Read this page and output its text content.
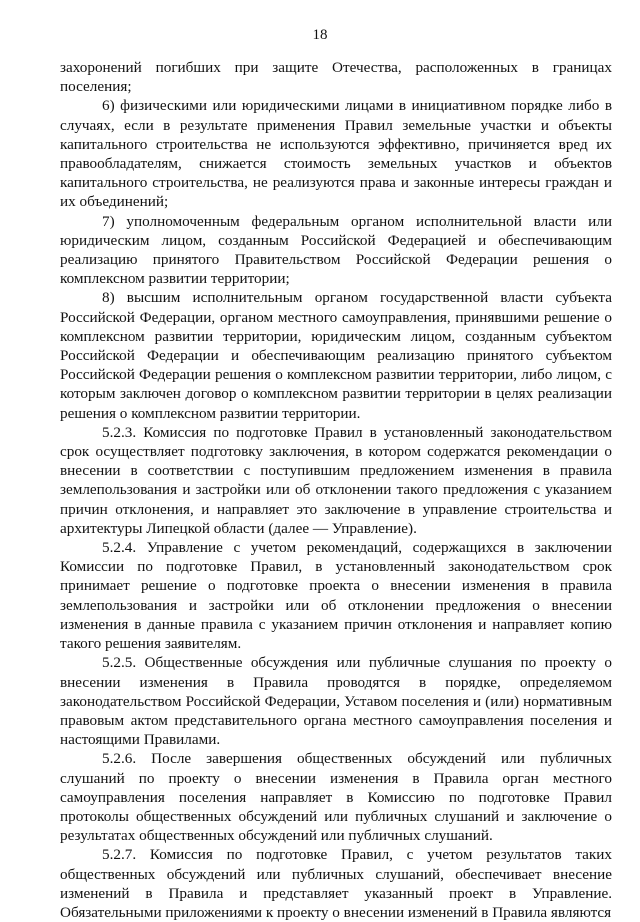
18

захоронений погибших при защите Отечества, расположенных в границах поселения;

6) физическими или юридическими лицами в инициативном порядке либо в случаях, если в результате применения Правил земельные участки и объекты капитального строительства не используются эффективно, причиняется вред их правообладателям, снижается стоимость земельных участков и объектов капитального строительства, не реализуются права и законные интересы граждан и их объединений;

7) уполномоченным федеральным органом исполнительной власти или юридическим лицом, созданным Российской Федерацией и обеспечивающим реализацию принятого Правительством Российской Федерации решения о комплексном развитии территории;

8) высшим исполнительным органом государственной власти субъекта Российской Федерации, органом местного самоуправления, принявшими решение о комплексном развитии территории, юридическим лицом, созданным субъектом Российской Федерации и обеспечивающим реализацию принятого субъектом Российской Федерации решения о комплексном развитии территории, либо лицом, с которым заключен договор о комплексном развитии территории в целях реализации решения о комплексном развитии территории.

5.2.3. Комиссия по подготовке Правил в установленный законодательством срок осуществляет подготовку заключения, в котором содержатся рекомендации о внесении в соответствии с поступившим предложением изменения в правила землепользования и застройки или об отклонении такого предложения с указанием причин отклонения, и направляет это заключение в управление строительства и архитектуры Липецкой области (далее — Управление).

5.2.4. Управление с учетом рекомендаций, содержащихся в заключении Комиссии по подготовке Правил, в установленный законодательством срок принимает решение о подготовке проекта о внесении изменения в правила землепользования и застройки или об отклонении предложения о внесении изменения в данные правила с указанием причин отклонения и направляет копию такого решения заявителям.

5.2.5. Общественные обсуждения или публичные слушания по проекту о внесении изменения в Правила проводятся в порядке, определяемом законодательством Российской Федерации, Уставом поселения и (или) нормативным правовым актом представительного органа местного самоуправления поселения и настоящими Правилами.

5.2.6. После завершения общественных обсуждений или публичных слушаний по проекту о внесении изменения в Правила орган местного самоуправления поселения направляет в Комиссию по подготовке Правил протоколы общественных обсуждений или публичных слушаний и заключение о результатах общественных обсуждений или публичных слушаний.

5.2.7. Комиссия по подготовке Правил, с учетом результатов таких общественных обсуждений или публичных слушаний, обеспечивает внесение изменений в Правила и представляет указанный проект в Управление. Обязательными приложениями к проекту о внесении изменений в Правила являются
